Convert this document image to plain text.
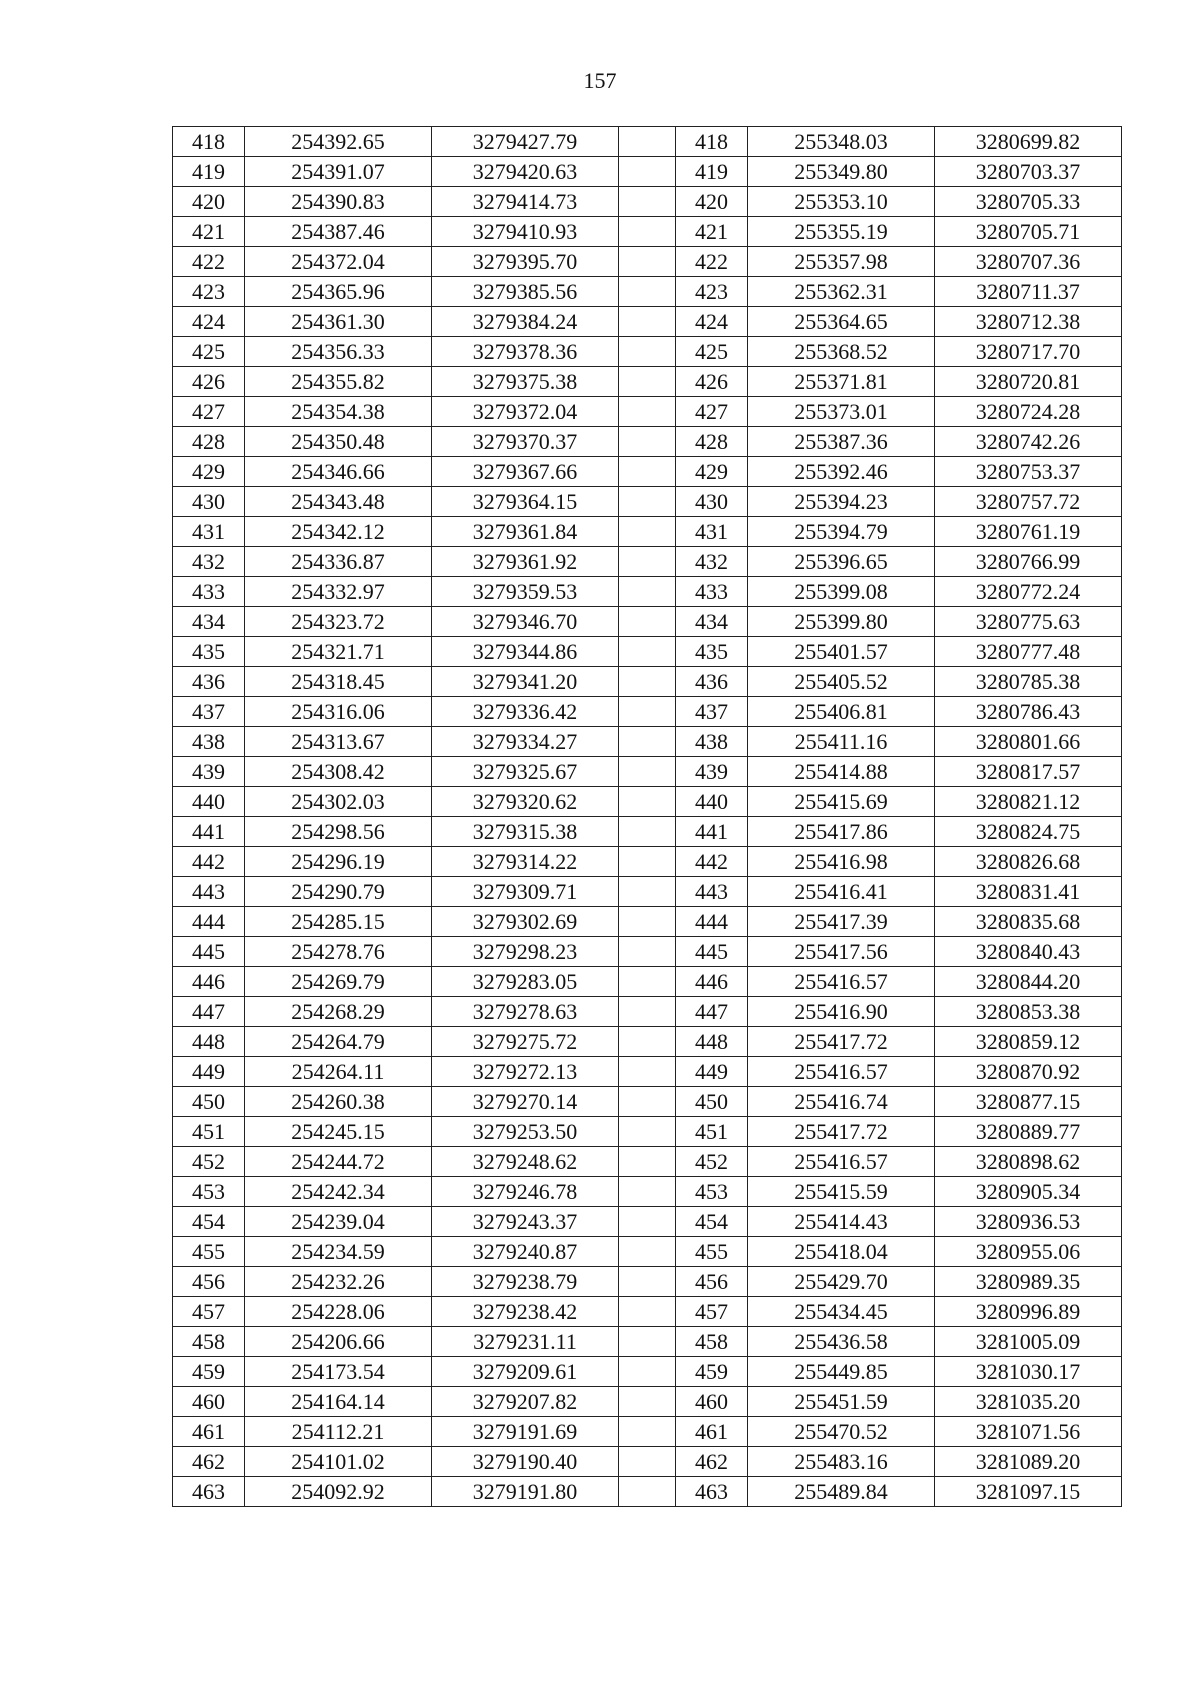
157
418	254392.65	3279427.79		418	255348.03	3280699.82
419	254391.07	3279420.63		419	255349.80	3280703.37
420	254390.83	3279414.73		420	255353.10	3280705.33
421	254387.46	3279410.93		421	255355.19	3280705.71
422	254372.04	3279395.70		422	255357.98	3280707.36
423	254365.96	3279385.56		423	255362.31	3280711.37
424	254361.30	3279384.24		424	255364.65	3280712.38
425	254356.33	3279378.36		425	255368.52	3280717.70
426	254355.82	3279375.38		426	255371.81	3280720.81
427	254354.38	3279372.04		427	255373.01	3280724.28
428	254350.48	3279370.37		428	255387.36	3280742.26
429	254346.66	3279367.66		429	255392.46	3280753.37
430	254343.48	3279364.15		430	255394.23	3280757.72
431	254342.12	3279361.84		431	255394.79	3280761.19
432	254336.87	3279361.92		432	255396.65	3280766.99
433	254332.97	3279359.53		433	255399.08	3280772.24
434	254323.72	3279346.70		434	255399.80	3280775.63
435	254321.71	3279344.86		435	255401.57	3280777.48
436	254318.45	3279341.20		436	255405.52	3280785.38
437	254316.06	3279336.42		437	255406.81	3280786.43
438	254313.67	3279334.27		438	255411.16	3280801.66
439	254308.42	3279325.67		439	255414.88	3280817.57
440	254302.03	3279320.62		440	255415.69	3280821.12
441	254298.56	3279315.38		441	255417.86	3280824.75
442	254296.19	3279314.22		442	255416.98	3280826.68
443	254290.79	3279309.71		443	255416.41	3280831.41
444	254285.15	3279302.69		444	255417.39	3280835.68
445	254278.76	3279298.23		445	255417.56	3280840.43
446	254269.79	3279283.05		446	255416.57	3280844.20
447	254268.29	3279278.63		447	255416.90	3280853.38
448	254264.79	3279275.72		448	255417.72	3280859.12
449	254264.11	3279272.13		449	255416.57	3280870.92
450	254260.38	3279270.14		450	255416.74	3280877.15
451	254245.15	3279253.50		451	255417.72	3280889.77
452	254244.72	3279248.62		452	255416.57	3280898.62
453	254242.34	3279246.78		453	255415.59	3280905.34
454	254239.04	3279243.37		454	255414.43	3280936.53
455	254234.59	3279240.87		455	255418.04	3280955.06
456	254232.26	3279238.79		456	255429.70	3280989.35
457	254228.06	3279238.42		457	255434.45	3280996.89
458	254206.66	3279231.11		458	255436.58	3281005.09
459	254173.54	3279209.61		459	255449.85	3281030.17
460	254164.14	3279207.82		460	255451.59	3281035.20
461	254112.21	3279191.69		461	255470.52	3281071.56
462	254101.02	3279190.40		462	255483.16	3281089.20
463	254092.92	3279191.80		463	255489.84	3281097.15
